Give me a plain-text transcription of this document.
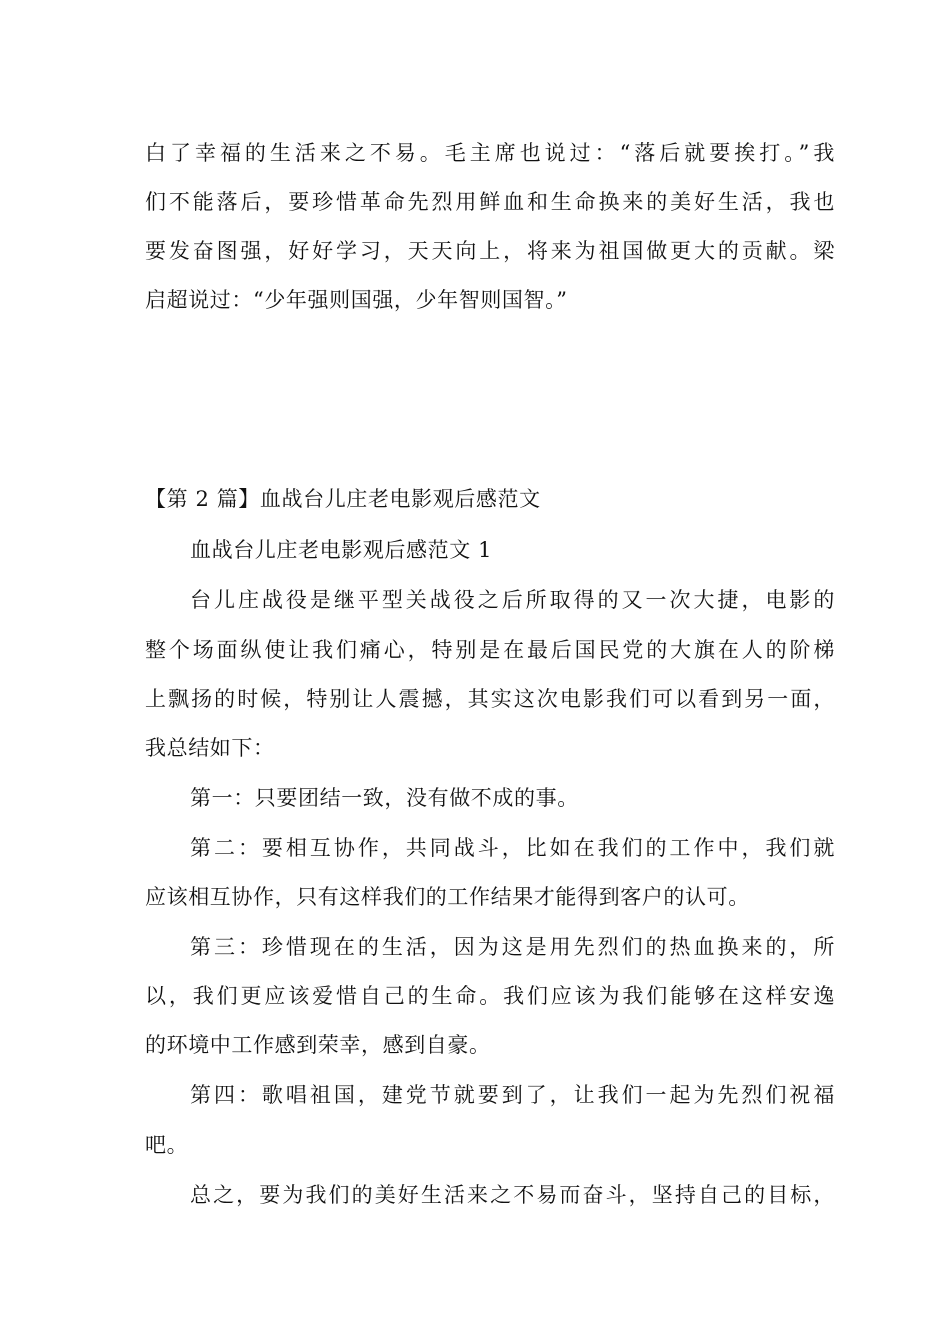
白了幸福的生活来之不易。毛主席也说过：“落后就要挨打。”我
们不能落后，要珍惜革命先烈用鲜血和生命换来的美好生活，我也
要发奋图强，好好学习，天天向上，将来为祖国做更大的贡献。梁
启超说过：“少年强则国强，少年智则国智。”
【第 2 篇】血战台儿庄老电影观后感范文
血战台儿庄老电影观后感范文 1
台儿庄战役是继平型关战役之后所取得的又一次大捷，电影的
整个场面纵使让我们痛心，特别是在最后国民党的大旗在人的阶梯
上飘扬的时候，特别让人震撼，其实这次电影我们可以看到另一面，
我总结如下：
第一：只要团结一致，没有做不成的事。
第二：要相互协作，共同战斗，比如在我们的工作中，我们就
应该相互协作，只有这样我们的工作结果才能得到客户的认可。
第三：珍惜现在的生活，因为这是用先烈们的热血换来的，所
以，我们更应该爱惜自己的生命。我们应该为我们能够在这样安逸
的环境中工作感到荣幸，感到自豪。
第四：歌唱祖国，建党节就要到了，让我们一起为先烈们祝福
吧。
总之，要为我们的美好生活来之不易而奋斗，坚持自己的目标，
